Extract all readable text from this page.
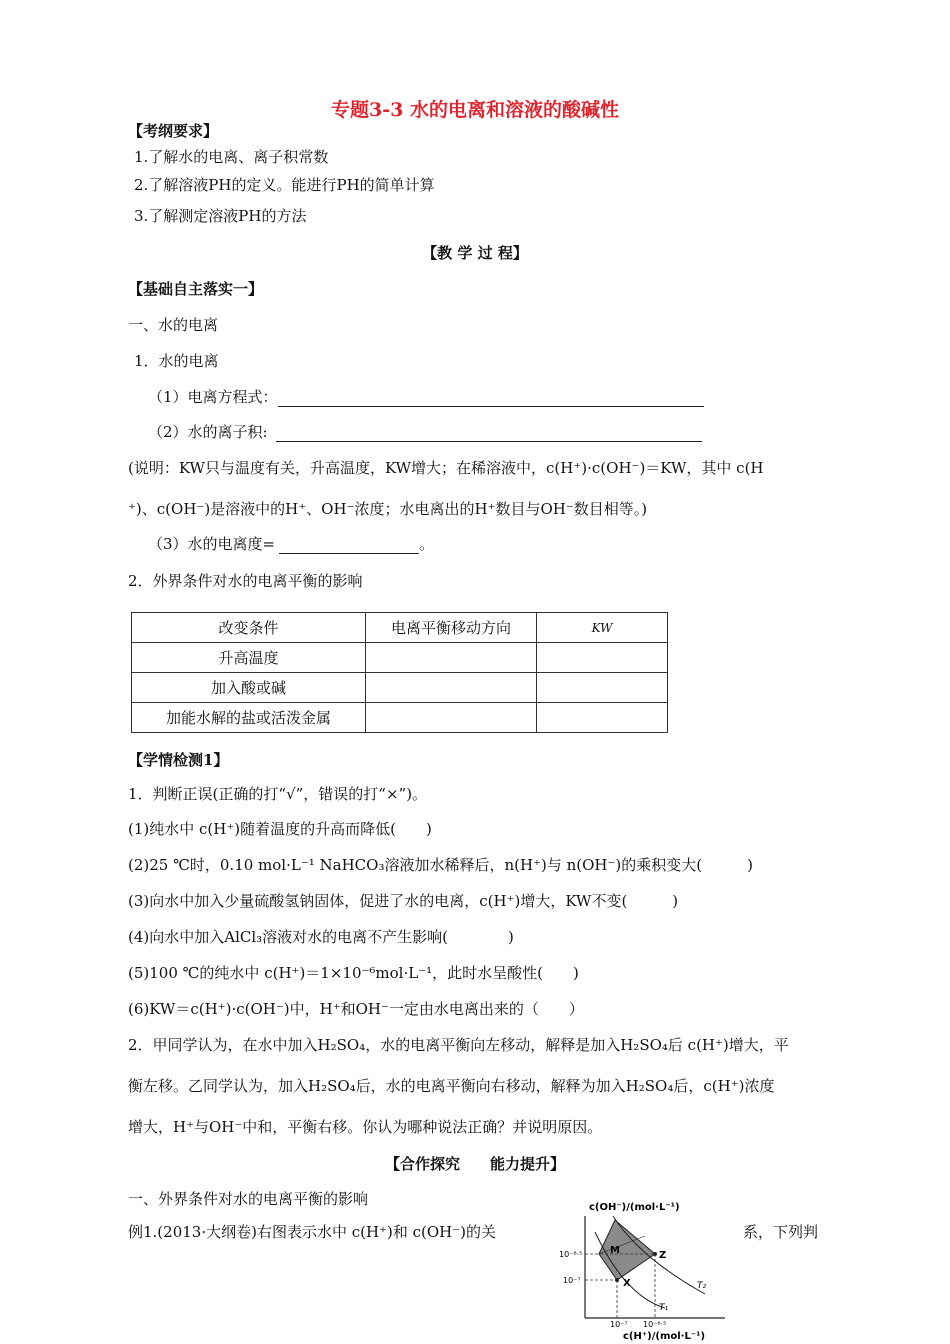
专题3-3 水的电离和溶液的酸碱性
【考纲要求】
1.了解水的电离、离子积常数
2.了解溶液PH的定义。能进行PH的简单计算
3.了解测定溶液PH的方法
【教 学 过 程】
【基础自主落实一】
一、水的电离
1．水的电离
（1）电离方程式：
（2）水的离子积:
(说明：KW只与温度有关，升高温度，KW增大；在稀溶液中，c(H⁺)·c(OH⁻)＝KW，其中 c(H
⁺)、c(OH⁻)是溶液中的H⁺、OH⁻浓度；水电离出的H⁺数目与OH⁻数目相等。)
（3）水的电离度=	。
2．外界条件对水的电离平衡的影响
改变条件	电离平衡移动方向	KW
升高温度		
加入酸或碱		
加能水解的盐或活泼金属		
【学情检测1】
1．判断正误(正确的打“√”，错误的打“×”)。
(1)纯水中 c(H⁺)随着温度的升高而降低(　　)
(2)25 ℃时，0.10 mol·L⁻¹ NaHCO₃溶液加水稀释后，n(H⁺)与 n(OH⁻)的乘积变大(　　　)
(3)向水中加入少量硫酸氢钠固体，促进了水的电离，c(H⁺)增大，KW不变(　　　)
(4)向水中加入AlCl₃溶液对水的电离不产生影响(　　　　)
(5)100 ℃的纯水中 c(H⁺)＝1×10⁻⁶mol·L⁻¹，此时水呈酸性(　　)
(6)KW＝c(H⁺)·c(OH⁻)中，H⁺和OH⁻一定由水电离出来的（　　）
2．甲同学认为，在水中加入H₂SO₄，水的电离平衡向左移动，解释是加入H₂SO₄后 c(H⁺)增大，平
衡左移。乙同学认为，加入H₂SO₄后，水的电离平衡向右移动，解释为加入H₂SO₄后，c(H⁺)浓度
增大，H⁺与OH⁻中和，平衡右移。你认为哪种说法正确？并说明原因。
【合作探究　　能力提升】
一、外界条件对水的电离平衡的影响
例1.(2013·大纲卷)右图表示水中 c(H⁺)和 c(OH⁻)的关	系，下列判
c(OH⁻)/(mol·L⁻¹)
10⁻⁶·⁵
10⁻⁷
10⁻⁷ 10⁻⁶·⁵
c(H⁺)/(mol·L⁻¹)
M	Z
X	T₂
T₁
